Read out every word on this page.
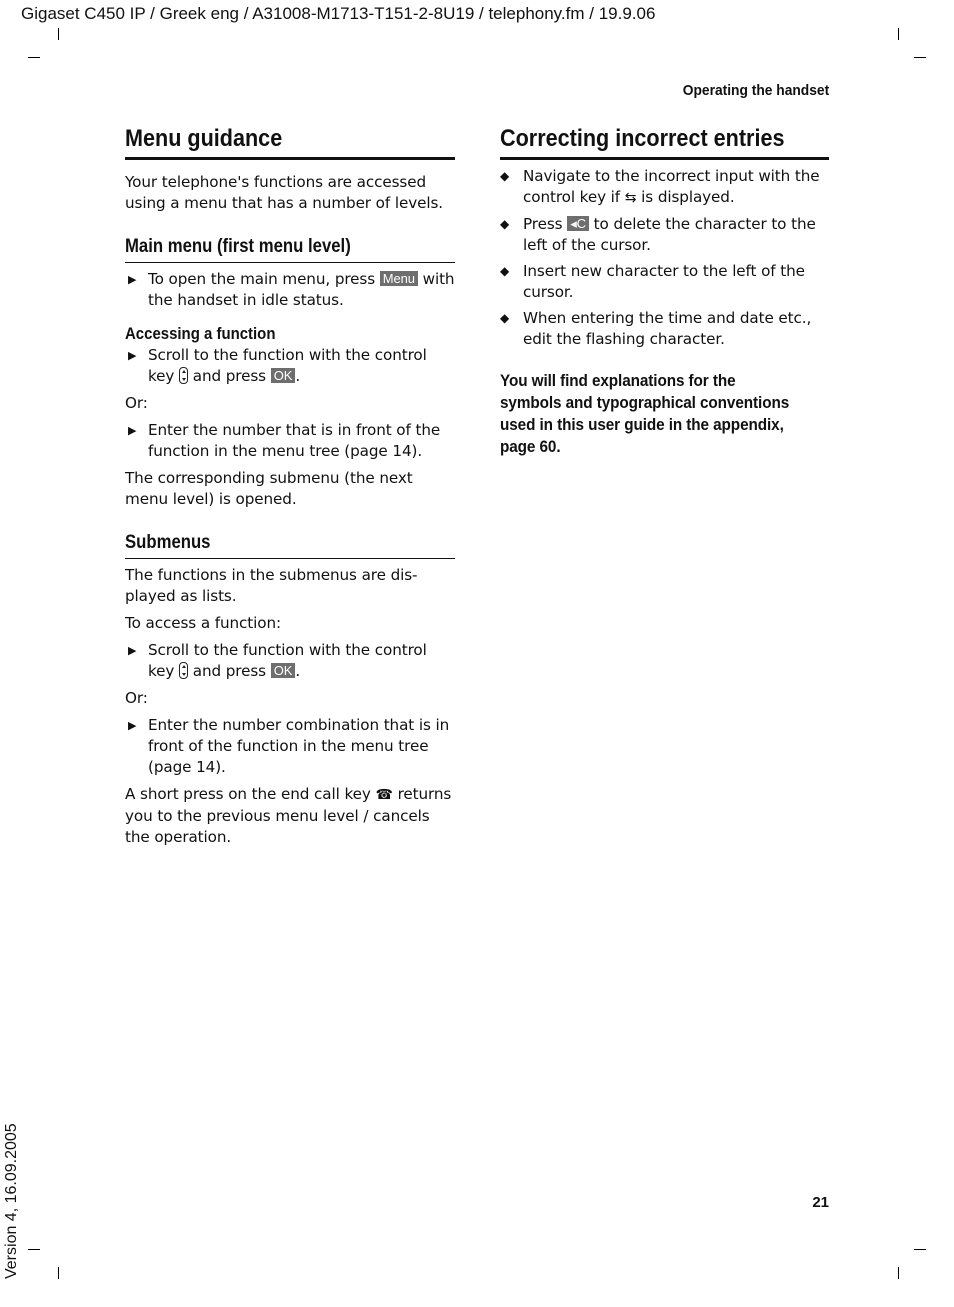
Gigaset C450 IP / Greek eng / A31008-M1713-T151-2-8U19 / telephony.fm / 19.9.06
Operating the handset
21
Version 4, 16.09.2005
Menu guidance

Your telephone's functions are accessed using a menu that has a number of levels.

Main menu (first menu level)
▶ To open the main menu, press Menu with the handset in idle status.
Accessing a function
▶ Scroll to the function with the control key and press OK .

Or:

▶ Enter the number that is in front of the function in the menu tree (page 14).

The corresponding submenu (the next menu level) is opened.

Submenus

The functions in the submenus are dis-played as lists.

To access a function:

▶ Scroll to the function with the control key and press OK .

Or:

▶ Enter the number combination that is in front of the function in the menu tree (page 14).

A short press on the end call key ☎ returns you to the previous menu level / cancels the operation.

Correcting incorrect entries
◆ Navigate to the incorrect input with the control key if ⇆ is displayed.
◆ Press ◂C to delete the character to the left of the cursor.
◆ Insert new character to the left of the cursor.
◆ When entering the time and date etc., edit the flashing character.

You will find explanations for the symbols and typographical conventions used in this user guide in the appendix, page 60.
